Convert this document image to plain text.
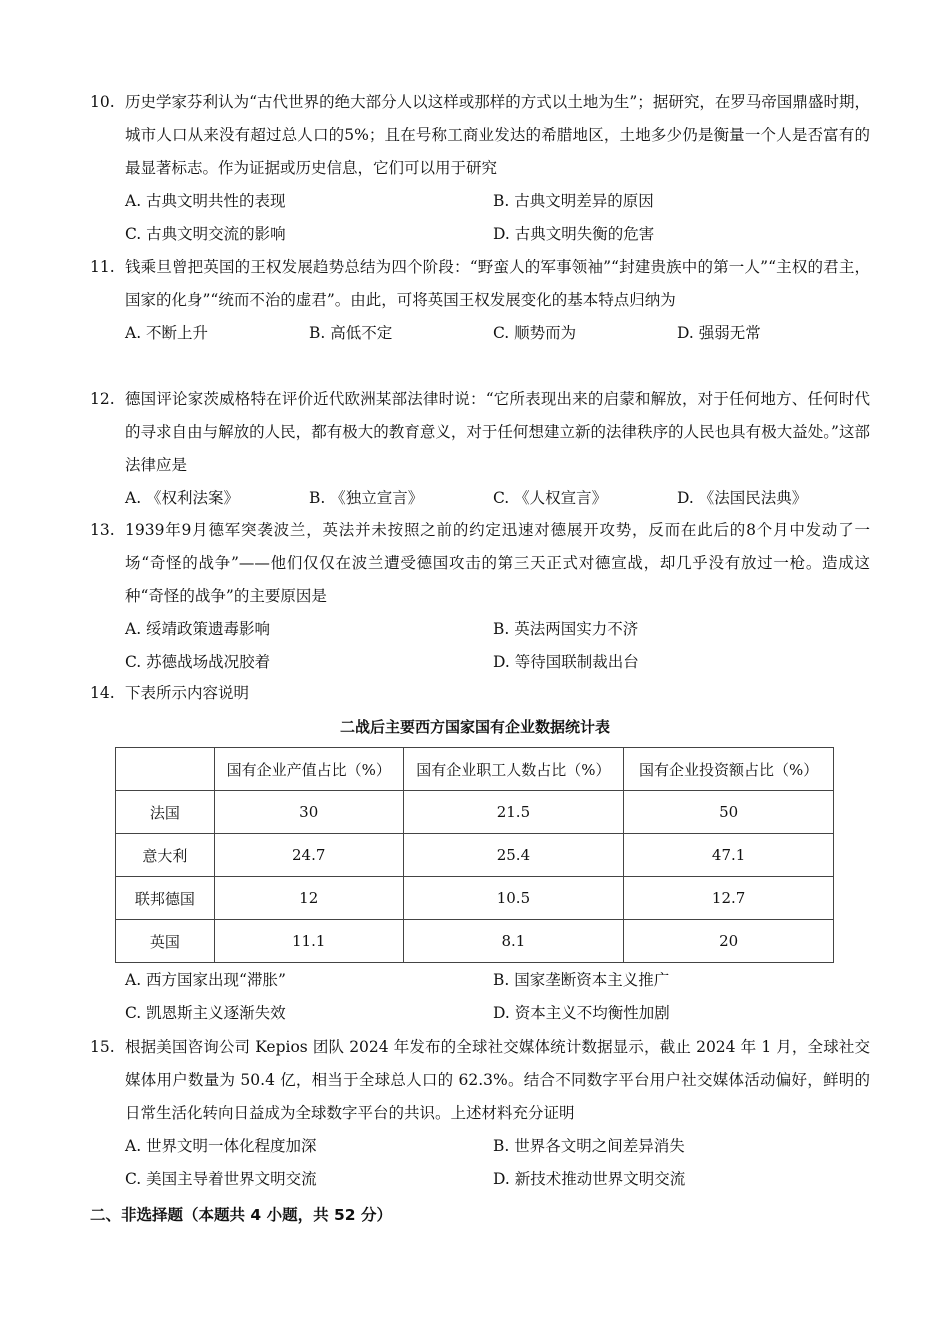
10. 历史学家芬利认为“古代世界的绝大部分人以这样或那样的方式以土地为生”；据研究，在罗马帝国鼎盛时期，城市人口从来没有超过总人口的5%；且在号称工商业发达的希腊地区，土地多少仍是衡量一个人是否富有的最显著标志。作为证据或历史信息，它们可以用于研究
A. 古典文明共性的表现	B. 古典文明差异的原因
C. 古典文明交流的影响	D. 古典文明失衡的危害
11. 钱乘旦曾把英国的王权发展趋势总结为四个阶段：“野蛮人的军事领袖”“封建贵族中的第一人”“主权的君主，国家的化身”“统而不治的虚君”。由此，可将英国王权发展变化的基本特点归纳为
A. 不断上升	B. 高低不定	C. 顺势而为	D. 强弱无常
12. 德国评论家茨威格特在评价近代欧洲某部法律时说：“它所表现出来的启蒙和解放，对于任何地方、任何时代的寻求自由与解放的人民，都有极大的教育意义，对于任何想建立新的法律秩序的人民也具有极大益处。”这部法律应是
A. 《权利法案》	B. 《独立宣言》	C. 《人权宣言》	D. 《法国民法典》
13. 1939年9月德军突袭波兰，英法并未按照之前的约定迅速对德展开攻势，反而在此后的8个月中发动了一场“奇怪的战争”——他们仅仅在波兰遭受德国攻击的第三天正式对德宣战，却几乎没有放过一枪。造成这种“奇怪的战争”的主要原因是
A. 绥靖政策遗毒影响	B. 英法两国实力不济
C. 苏德战场战况胶着	D. 等待国联制裁出台
14. 下表所示内容说明
二战后主要西方国家国有企业数据统计表
	国有企业产值占比（%）	国有企业职工人数占比（%）	国有企业投资额占比（%）
法国	30	21.5	50
意大利	24.7	25.4	47.1
联邦德国	12	10.5	12.7
英国	11.1	8.1	20
A. 西方国家出现“滞胀”	B. 国家垄断资本主义推广
C. 凯恩斯主义逐渐失效	D. 资本主义不均衡性加剧
15. 根据美国咨询公司 Kepios 团队 2024 年发布的全球社交媒体统计数据显示，截止 2024 年 1 月，全球社交媒体用户数量为 50.4 亿，相当于全球总人口的 62.3%。结合不同数字平台用户社交媒体活动偏好，鲜明的日常生活化转向日益成为全球数字平台的共识。上述材料充分证明
A. 世界文明一体化程度加深	B. 世界各文明之间差异消失
C. 美国主导着世界文明交流	D. 新技术推动世界文明交流
二、非选择题（本题共 4 小题，共 52 分）
